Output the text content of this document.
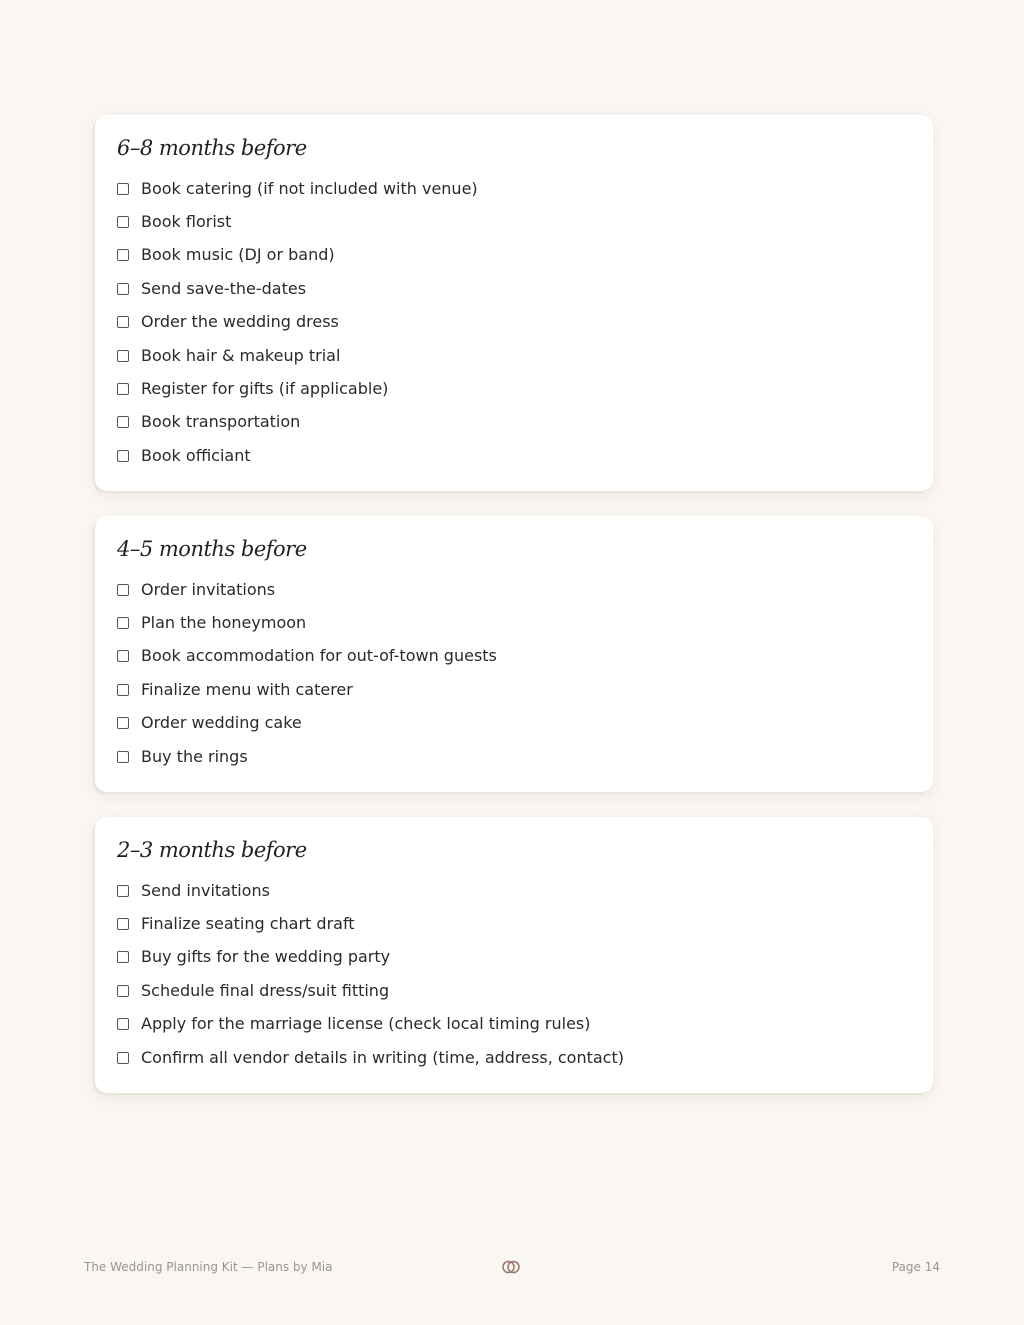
6–8 months before
Book catering (if not included with venue)
Book florist
Book music (DJ or band)
Send save-the-dates
Order the wedding dress
Book hair & makeup trial
Register for gifts (if applicable)
Book transportation
Book officiant
4–5 months before
Order invitations
Plan the honeymoon
Book accommodation for out-of-town guests
Finalize menu with caterer
Order wedding cake
Buy the rings
2–3 months before
Send invitations
Finalize seating chart draft
Buy gifts for the wedding party
Schedule final dress/suit fitting
Apply for the marriage license (check local timing rules)
Confirm all vendor details in writing (time, address, contact)
The Wedding Planning Kit — Plans by Mia	Page 14
